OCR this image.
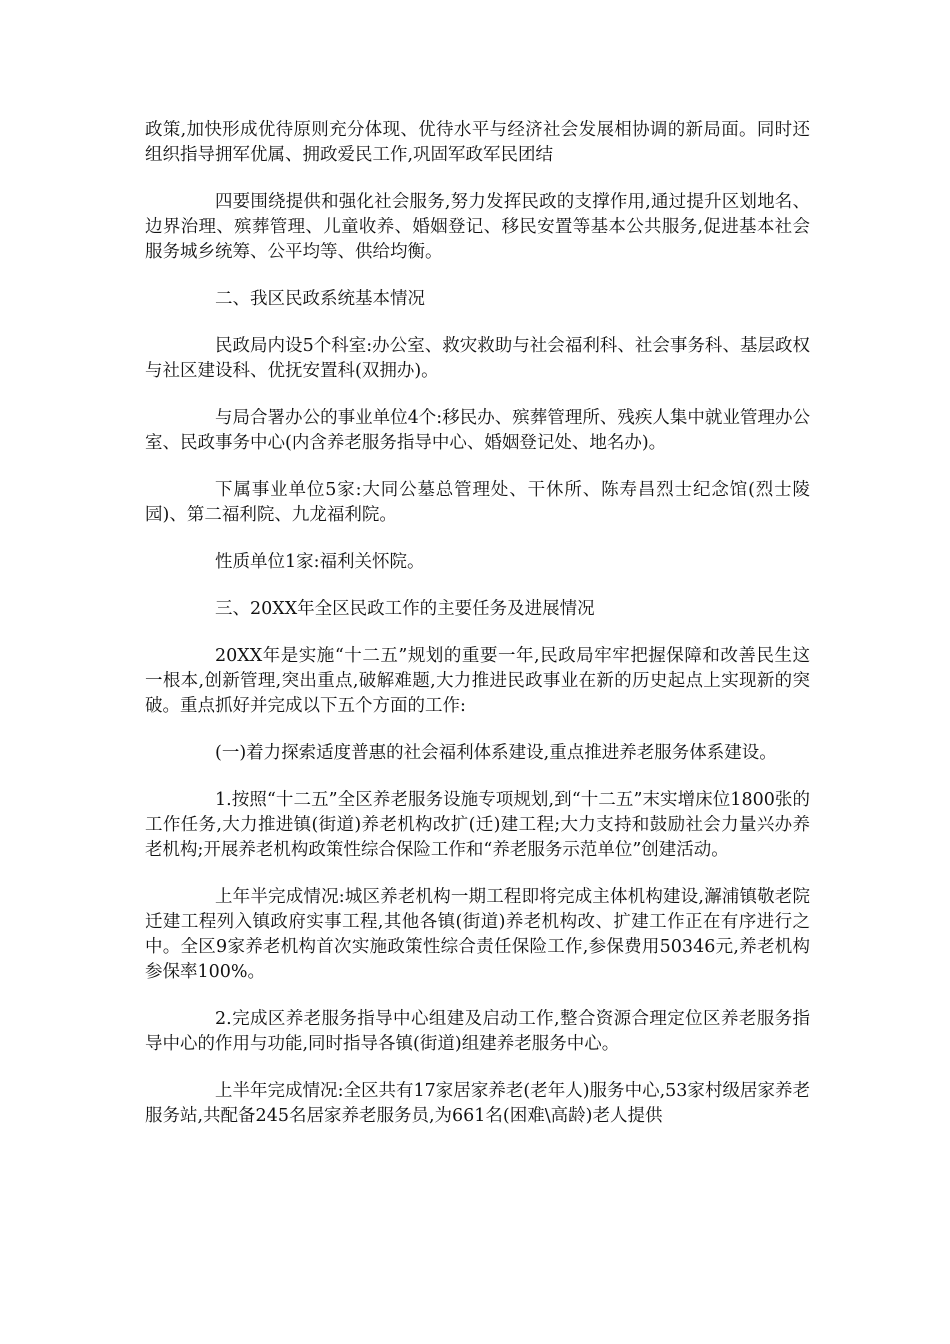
政策,加快形成优待原则充分体现、优待水平与经济社会发展相协调的新局面。同时还组织指导拥军优属、拥政爱民工作,巩固军政军民团结

四要围绕提供和强化社会服务,努力发挥民政的支撑作用,通过提升区划地名、边界治理、殡葬管理、儿童收养、婚姻登记、移民安置等基本公共服务,促进基本社会服务城乡统筹、公平均等、供给均衡。

二、我区民政系统基本情况

民政局内设5个科室:办公室、救灾救助与社会福利科、社会事务科、基层政权与社区建设科、优抚安置科(双拥办)。

与局合署办公的事业单位4个:移民办、殡葬管理所、残疾人集中就业管理办公室、民政事务中心(内含养老服务指导中心、婚姻登记处、地名办)。

下属事业单位5家:大同公墓总管理处、干休所、陈寿昌烈士纪念馆(烈士陵园)、第二福利院、九龙福利院。

性质单位1家:福利关怀院。

三、20XX年全区民政工作的主要任务及进展情况

20XX年是实施“十二五”规划的重要一年,民政局牢牢把握保障和改善民生这一根本,创新管理,突出重点,破解难题,大力推进民政事业在新的历史起点上实现新的突破。重点抓好并完成以下五个方面的工作:

(一)着力探索适度普惠的社会福利体系建设,重点推进养老服务体系建设。

1.按照“十二五”全区养老服务设施专项规划,到“十二五”末实增床位1800张的工作任务,大力推进镇(街道)养老机构改扩(迁)建工程;大力支持和鼓励社会力量兴办养老机构;开展养老机构政策性综合保险工作和“养老服务示范单位”创建活动。

上年半完成情况:城区养老机构一期工程即将完成主体机构建设,澥浦镇敬老院迁建工程列入镇政府实事工程,其他各镇(街道)养老机构改、扩建工作正在有序进行之中。全区9家养老机构首次实施政策性综合责任保险工作,参保费用50346元,养老机构参保率100%。

2.完成区养老服务指导中心组建及启动工作,整合资源合理定位区养老服务指导中心的作用与功能,同时指导各镇(街道)组建养老服务中心。

上半年完成情况:全区共有17家居家养老(老年人)服务中心,53家村级居家养老服务站,共配备245名居家养老服务员,为661名(困难\高龄)老人提供
